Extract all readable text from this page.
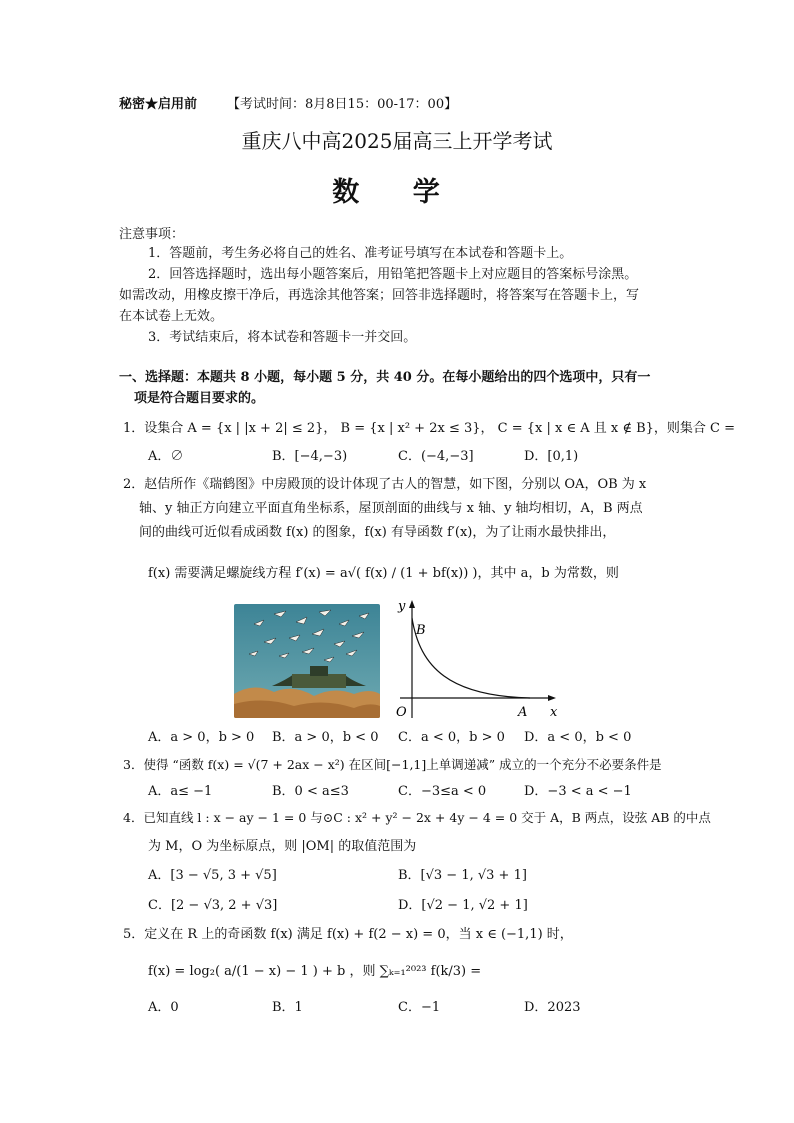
秘密★启用前 【考试时间：8月8日15：00-17：00】
重庆八中高2025届高三上开学考试
数 学
注意事项：
1．答题前，考生务必将自己的姓名、准考证号填写在本试卷和答题卡上。
2．回答选择题时，选出每小题答案后，用铅笔把答题卡上对应题目的答案标号涂黑。
如需改动，用橡皮擦干净后，再选涂其他答案；回答非选择题时，将答案写在答题卡上，写
在本试卷上无效。
3．考试结束后，将本试卷和答题卡一并交回。
一、选择题：本题共 8 小题，每小题 5 分，共 40 分。在每小题给出的四个选项中，只有一
项是符合题目要求的。
1．设集合 A = {x | |x + 2| ≤ 2}， B = {x | x² + 2x ≤ 3}， C = {x | x ∈ A 且 x ∉ B}，则集合 C =
A．∅	B．[−4,−3)	C．(−4,−3]	D．[0,1)
2．赵佶所作《瑞鹤图》中房殿顶的设计体现了古人的智慧，如下图，分别以 OA，OB 为 x
轴、y 轴正方向建立平面直角坐标系，屋顶剖面的曲线与 x 轴、y 轴均相切，A，B 两点
间的曲线可近似看成函数 f(x) 的图象，f(x) 有导函数 f′(x)，为了让雨水最快排出，
f(x) 需要满足螺旋线方程 f′(x) = a√( f(x) / (1 + bf(x)) )，其中 a，b 为常数，则
y
x
O	A
B
A．a > 0，b > 0 B．a > 0，b < 0 C．a < 0，b > 0 D．a < 0，b < 0
3．使得 “函数 f(x) = √(7 + 2ax − x²) 在区间[−1,1]上单调递减” 成立的一个充分不必要条件是
A．a≤ −1	B．0 < a≤3	C．−3≤a < 0	D．−3 < a < −1
4．已知直线 l : x − ay − 1 = 0 与⊙C : x² + y² − 2x + 4y − 4 = 0 交于 A，B 两点，设弦 AB 的中点
为 M，O 为坐标原点，则 |OM| 的取值范围为
A．[3 − √5, 3 + √5]	B．[√3 − 1, √3 + 1]
C．[2 − √3, 2 + √3]	D．[√2 − 1, √2 + 1]
5．定义在 R 上的奇函数 f(x) 满足 f(x) + f(2 − x) = 0，当 x ∈ (−1,1) 时，
f(x) = log₂( a/(1 − x) − 1 ) + b ，则 ∑ₖ₌₁²⁰²³ f(k/3) =
A．0	B．1	C．−1	D．2023
